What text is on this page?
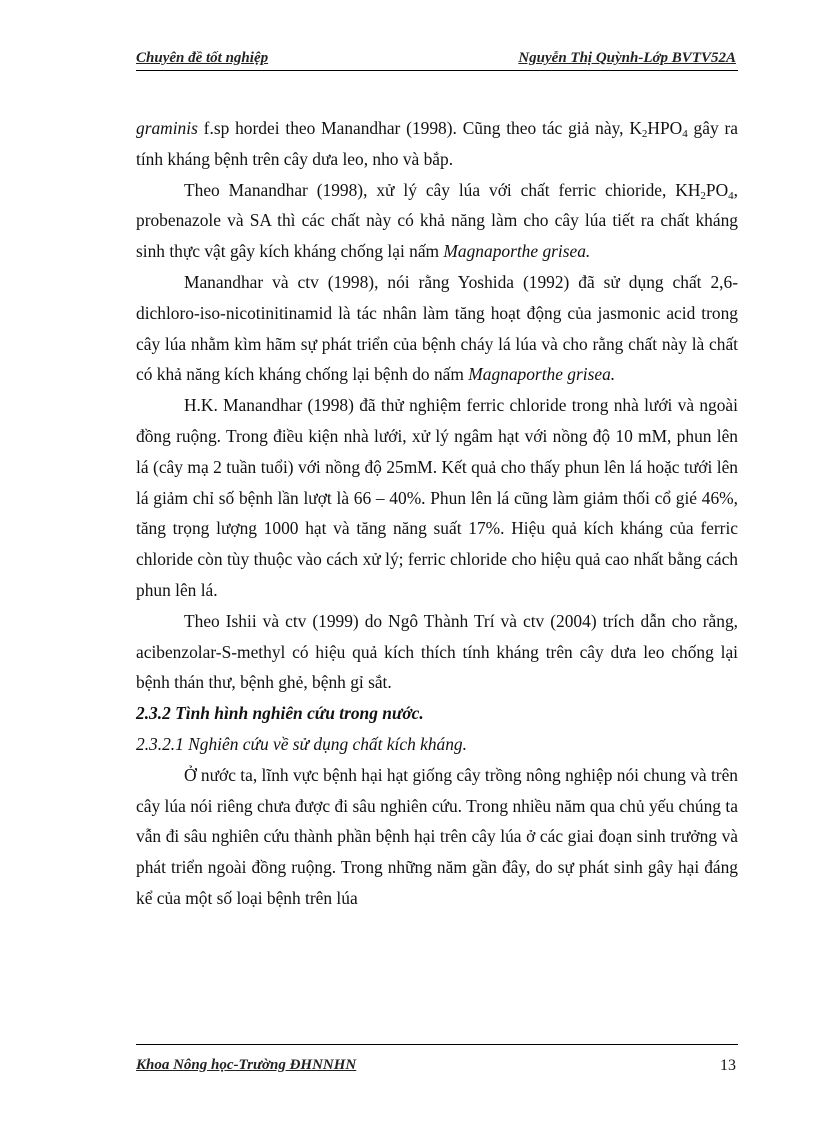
Chuyên đề tốt nghiệp	Nguyễn Thị Quỳnh-Lớp BVTV52A

graminis f.sp hordei theo Manandhar (1998). Cũng theo tác giả này, $K_2HPO_4$ gây ra tính kháng bệnh trên cây dưa leo, nho và bắp.

Theo Manandhar (1998), xử lý cây lúa với chất ferric chioride, $KH_2PO_4$, probenazole và SA thì các chất này có khả năng làm cho cây lúa tiết ra chất kháng sinh thực vật gây kích kháng chống lại nấm Magnaporthe grisea.

Manandhar và ctv (1998), nói rằng Yoshida (1992) đã sử dụng chất 2,6-dichloro-iso-nicotinitinamid là tác nhân làm tăng hoạt động của jasmonic acid trong cây lúa nhằm kìm hãm sự phát triển của bệnh cháy lá lúa và cho rằng chất này là chất có khả năng kích kháng chống lại bệnh do nấm Magnaporthe grisea.

H.K. Manandhar (1998) đã thử nghiệm ferric chloride trong nhà lưới và ngoài đồng ruộng. Trong điều kiện nhà lưới, xử lý ngâm hạt với nồng độ 10 mM, phun lên lá (cây mạ 2 tuần tuổi) với nồng độ 25mM. Kết quả cho thấy phun lên lá hoặc tưới lên lá giảm chỉ số bệnh lần lượt là 66 – 40%. Phun lên lá cũng làm giảm thối cổ gié 46%, tăng trọng lượng 1000 hạt và tăng năng suất 17%. Hiệu quả kích kháng của ferric chloride còn tùy thuộc vào cách xử lý; ferric chloride cho hiệu quả cao nhất bằng cách phun lên lá.

Theo Ishii và ctv (1999) do Ngô Thành Trí và ctv (2004) trích dẫn cho rằng, acibenzolar-S-methyl có hiệu quả kích thích tính kháng trên cây dưa leo chống lại bệnh thán thư, bệnh ghẻ, bệnh gỉ sắt.

2.3.2 Tình hình nghiên cứu trong nước.

2.3.2.1 Nghiên cứu về sử dụng chất kích kháng.

Ở nước ta, lĩnh vực bệnh hại hạt giống cây trồng nông nghiệp nói chung và trên cây lúa nói riêng chưa được đi sâu nghiên cứu. Trong nhiều năm qua chủ yếu chúng ta vẫn đi sâu nghiên cứu thành phần bệnh hại trên cây lúa ở các giai đoạn sinh trưởng và phát triển ngoài đồng ruộng. Trong những năm gần đây, do sự phát sinh gây hại đáng kể của một số loại bệnh trên lúa

Khoa Nông học-Trường ĐHNNHN	13
